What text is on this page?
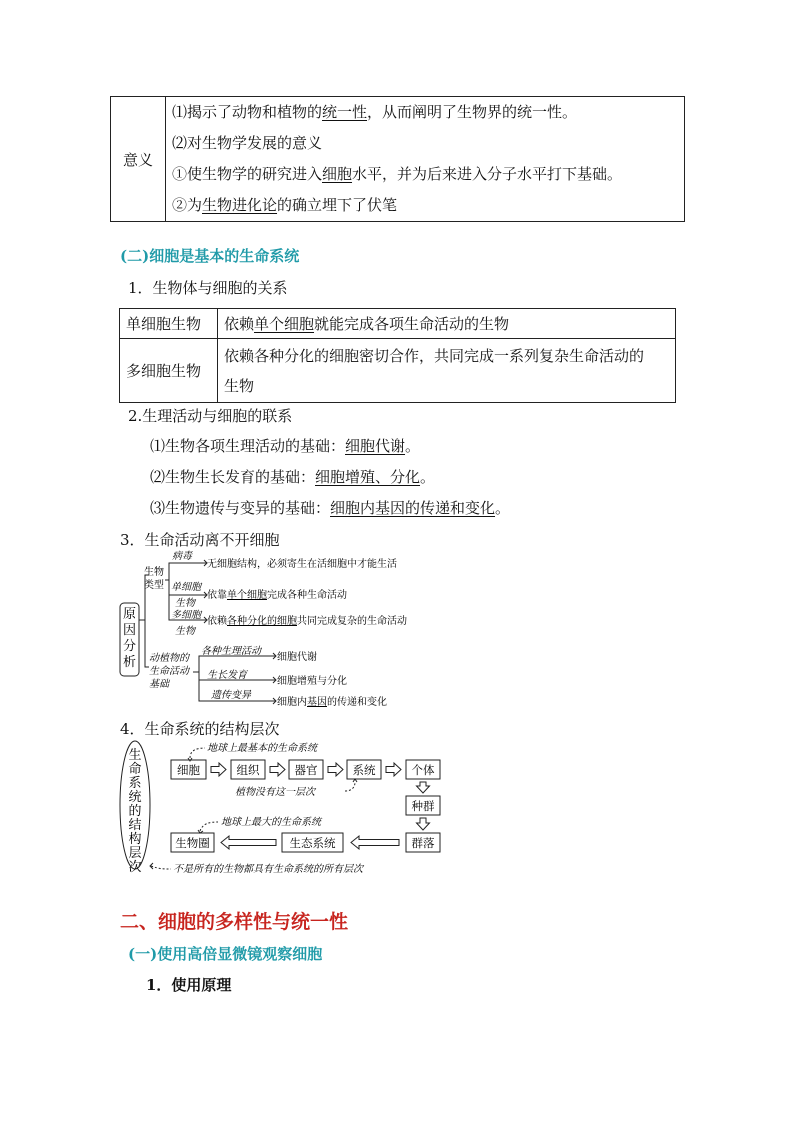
意义	
⑴揭示了动物和植物的统一性，从而阐明了生物界的统一性。
⑵对生物学发展的意义
①使生物学的研究进入细胞水平，并为后来进入分子水平打下基础。
②为生物进化论的确立埋下了伏笔
(二)细胞是基本的生命系统
1．生物体与细胞的关系
单细胞生物	依赖单个细胞就能完成各项生命活动的生物
多细胞生物	依赖各种分化的细胞密切合作，共同完成一系列复杂生命活动的
生物
2.生理活动与细胞的联系
⑴生物各项生理活动的基础：细胞代谢。
⑵生物生长发育的基础：细胞增殖、分化。
⑶生物遗传与变异的基础：细胞内基因的传递和变化。
3．生命活动离不开细胞
原
因
分
析
生物
类型
病毒
单细胞
生物
多细胞
生物
无细胞结构，必须寄生在活细胞中才能生活
依靠单个细胞完成各种生命活动
依赖各种分化的细胞共同完成复杂的生命活动
动植物的
生命活动
基础
各种生理活动
生长发育
遗传变异
细胞代谢
细胞增殖与分化
细胞内基因的传递和变化
4．生命系统的结构层次
生
命
系
统
的
结
构
层
次
细胞	组织	器官	系统	个体
种群
群落
生态系统
生物圈
地球上最基本的生命系统
植物没有这一层次
地球上最大的生命系统
不是所有的生物都具有生命系统的所有层次
二、细胞的多样性与统一性
(一)使用高倍显微镜观察细胞
1．使用原理
